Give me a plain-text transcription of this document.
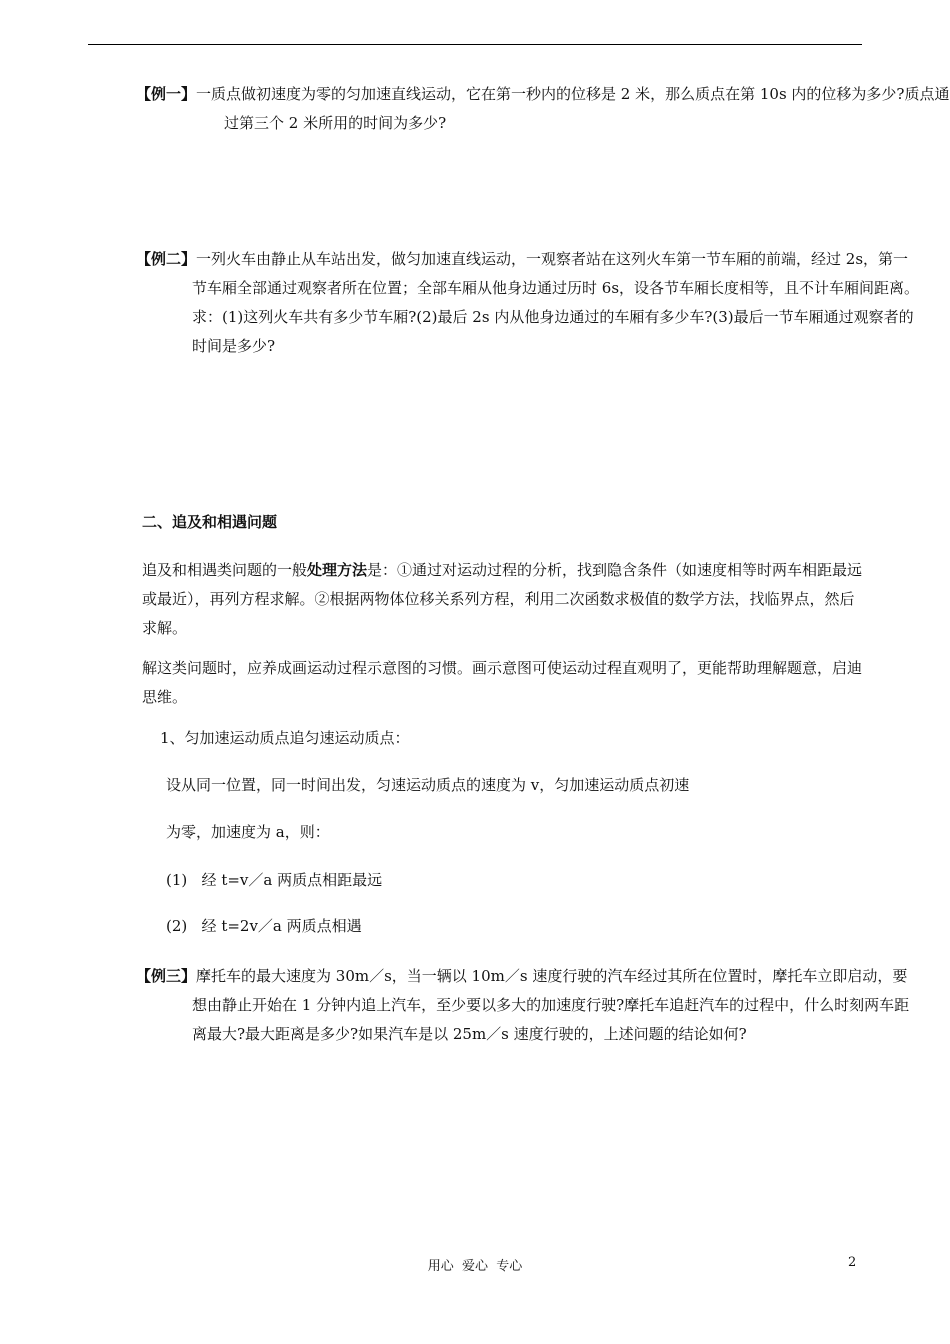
【例一】一质点做初速度为零的匀加速直线运动，它在第一秒内的位移是 2 米，那么质点在第 10s 内的位移为多少?质点通过第三个 2 米所用的时间为多少?
【例二】一列火车由静止从车站出发，做匀加速直线运动，一观察者站在这列火车第一节车厢的前端，经过 2s，第一节车厢全部通过观察者所在位置；全部车厢从他身边通过历时 6s，设各节车厢长度相等，且不计车厢间距离。求：(1)这列火车共有多少节车厢?(2)最后 2s 内从他身边通过的车厢有多少车?(3)最后一节车厢通过观察者的时间是多少?
二、追及和相遇问题
追及和相遇类问题的一般处理方法是：①通过对运动过程的分析，找到隐含条件（如速度相等时两车相距最远或最近），再列方程求解。②根据两物体位移关系列方程，利用二次函数求极值的数学方法，找临界点，然后求解。
解这类问题时，应养成画运动过程示意图的习惯。画示意图可使运动过程直观明了，更能帮助理解题意，启迪思维。
1、匀加速运动质点追匀速运动质点：
设从同一位置，同一时间出发，匀速运动质点的速度为 v，匀加速运动质点初速
为零，加速度为 a，则：
(1)   经 t=v／a 两质点相距最远
(2)   经 t=2v／a 两质点相遇
【例三】摩托车的最大速度为 30m／s，当一辆以 10m／s 速度行驶的汽车经过其所在位置时，摩托车立即启动，要想由静止开始在 1 分钟内追上汽车，至少要以多大的加速度行驶?摩托车追赶汽车的过程中，什么时刻两车距离最大?最大距离是多少?如果汽车是以 25m／s 速度行驶的，上述问题的结论如何?
用心  爱心  专心	2
